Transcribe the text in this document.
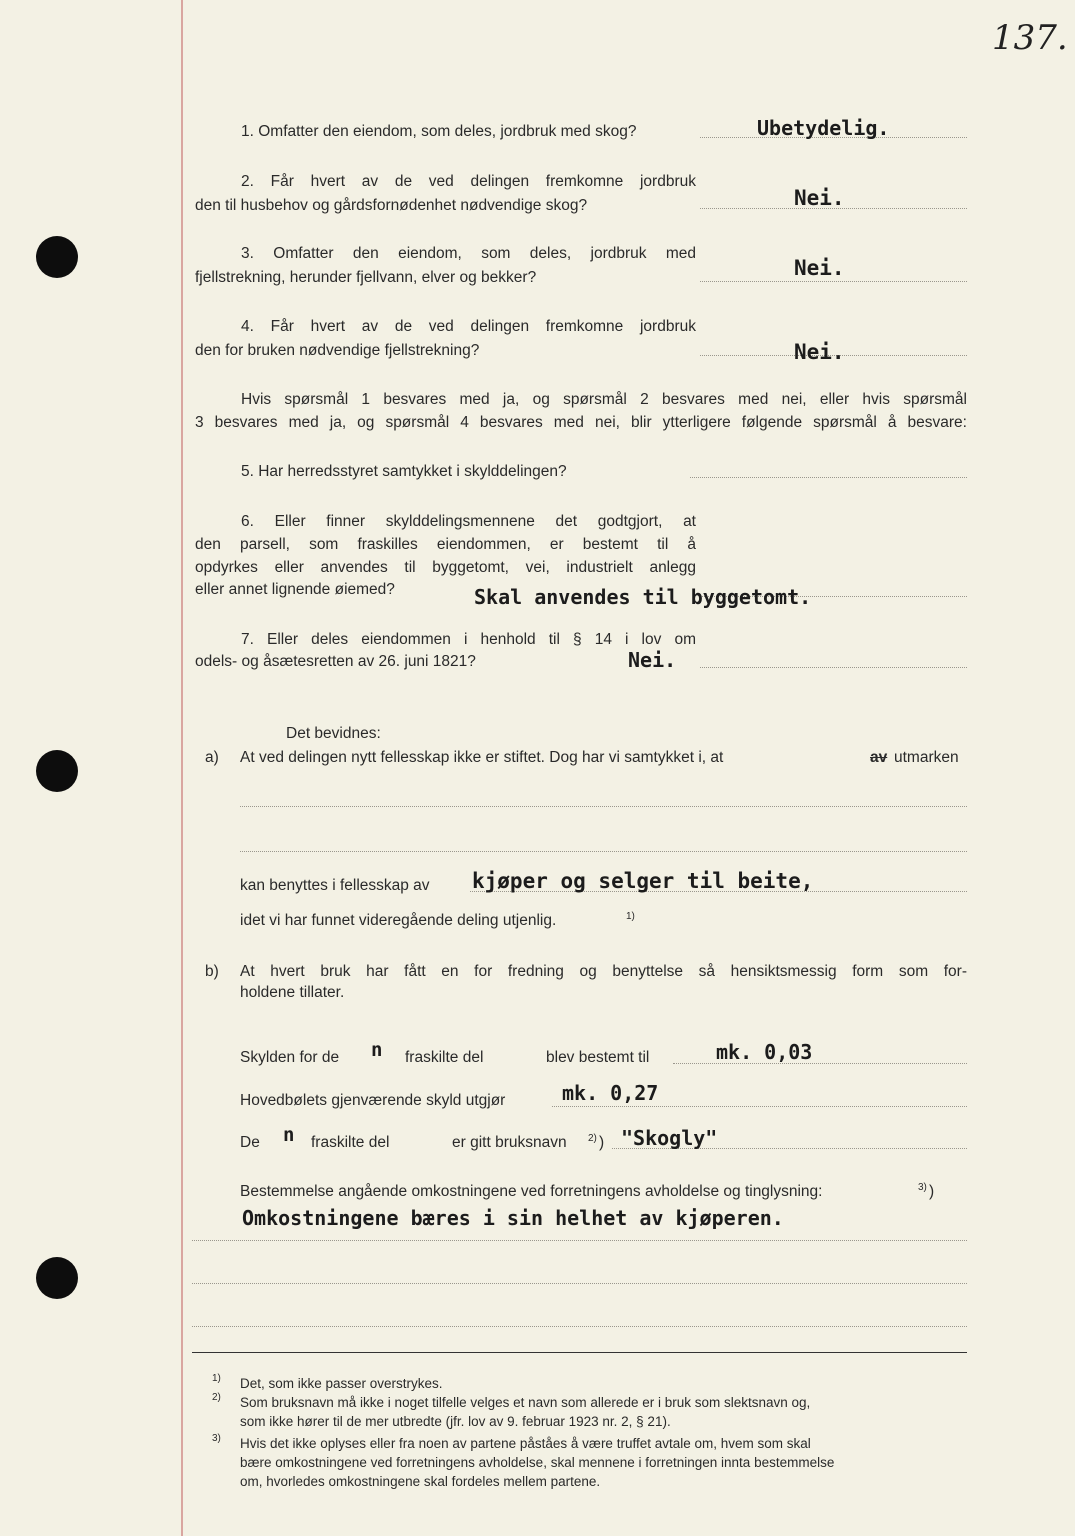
137.
1. Omfatter den eiendom, som deles, jordbruk med skog?	Ubetydelig.
2. Får hvert av de ved delingen fremkomne jordbruk
den til husbehov og gårdsfornødenhet nødvendige skog?	Nei.
3. Omfatter den eiendom, som deles, jordbruk med
fjellstrekning, herunder fjellvann, elver og bekker?	Nei.
4. Får hvert av de ved delingen fremkomne jordbruk
den for bruken nødvendige fjellstrekning?	Nei.
Hvis spørsmål 1 besvares med ja, og spørsmål 2 besvares med nei, eller hvis spørsmål
3 besvares med ja, og spørsmål 4 besvares med nei, blir ytterligere følgende spørsmål å besvare:
5. Har herredsstyret samtykket i skylddelingen?
6. Eller finner skylddelingsmennene det godtgjort, at
den parsell, som fraskilles eiendommen, er bestemt til å
opdyrkes eller anvendes til byggetomt, vei, industrielt anlegg
eller annet lignende øiemed?	Skal anvendes til byggetomt.
7. Eller deles eiendommen i henhold til § 14 i lov om
odels- og åsætesretten av 26. juni 1821?	Nei.
Det bevidnes:
a) At ved delingen nytt fellesskap ikke er stiftet. Dog har vi samtykket i, at	av utmarken
kan benyttes i fellesskap av kjøper og selger til beite,
idet vi har funnet videregående deling utjenlig.	1)
b) At hvert bruk har fått en for fredning og benyttelse så hensiktsmessig form som for-
holdene tillater.
Skylden for de n fraskilte del	blev bestemt til	mk. 0,03
Hovedbølets gjenværende skyld utgjør	mk. 0,27
De n fraskilte del	er gitt bruksnavn 2) ) "Skogly"
Bestemmelse angående omkostningene ved forretningens avholdelse og tinglysning:	3) )
Omkostningene bæres i sin helhet av kjøperen.
1) Det, som ikke passer overstrykes.
2) Som bruksnavn må ikke i noget tilfelle velges et navn som allerede er i bruk som slektsnavn og,
som ikke hører til de mer utbredte (jfr. lov av 9. februar 1923 nr. 2, § 21).
3) Hvis det ikke oplyses eller fra noen av partene påståes å være truffet avtale om, hvem som skal
bære omkostningene ved forretningens avholdelse, skal mennene i forretningen innta bestemmelse
om, hvorledes omkostningene skal fordeles mellem partene.
